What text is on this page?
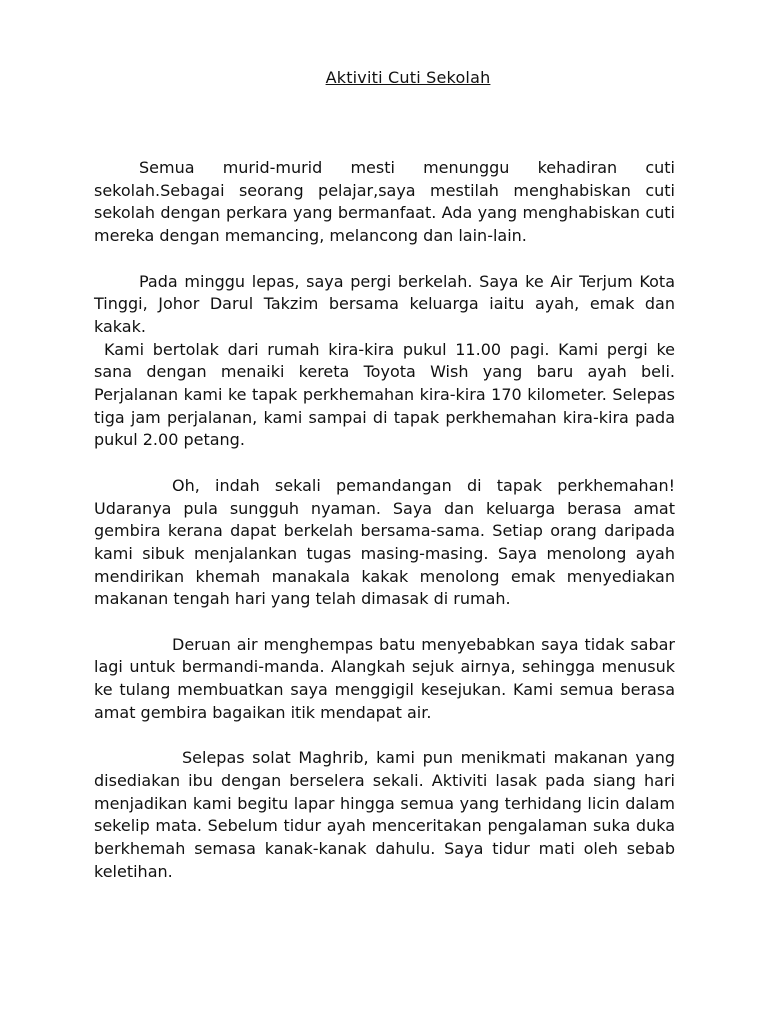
Aktiviti Cuti Sekolah

Semua murid-murid mesti menunggu kehadiran cuti sekolah.Sebagai seorang pelajar,saya mestilah menghabiskan cuti sekolah dengan perkara yang bermanfaat. Ada yang menghabiskan cuti mereka dengan memancing, melancong dan lain-lain.

Pada minggu lepas, saya pergi berkelah. Saya ke Air Terjum Kota Tinggi, Johor Darul Takzim bersama keluarga iaitu ayah, emak dan kakak.

Kami bertolak dari rumah kira-kira pukul 11.00 pagi. Kami pergi ke sana dengan menaiki kereta Toyota Wish yang baru ayah beli. Perjalanan kami ke tapak perkhemahan kira-kira 170 kilometer. Selepas tiga jam perjalanan, kami sampai di tapak perkhemahan kira-kira pada pukul 2.00 petang.

Oh, indah sekali pemandangan di tapak perkhemahan! Udaranya pula sungguh nyaman. Saya dan keluarga berasa amat gembira kerana dapat berkelah bersama-sama. Setiap orang daripada kami sibuk menjalankan tugas masing-masing. Saya menolong ayah mendirikan khemah manakala kakak menolong emak menyediakan makanan tengah hari yang telah dimasak di rumah.

Deruan air menghempas batu menyebabkan saya tidak sabar lagi untuk bermandi-manda. Alangkah sejuk airnya, sehingga menusuk ke tulang membuatkan saya menggigil kesejukan. Kami semua berasa amat gembira bagaikan itik mendapat air.

Selepas solat Maghrib, kami pun menikmati makanan yang disediakan ibu dengan berselera sekali. Aktiviti lasak pada siang hari menjadikan kami begitu lapar hingga semua yang terhidang licin dalam sekelip mata. Sebelum tidur ayah menceritakan pengalaman suka duka berkhemah semasa kanak-kanak dahulu. Saya tidur mati oleh sebab keletihan.
